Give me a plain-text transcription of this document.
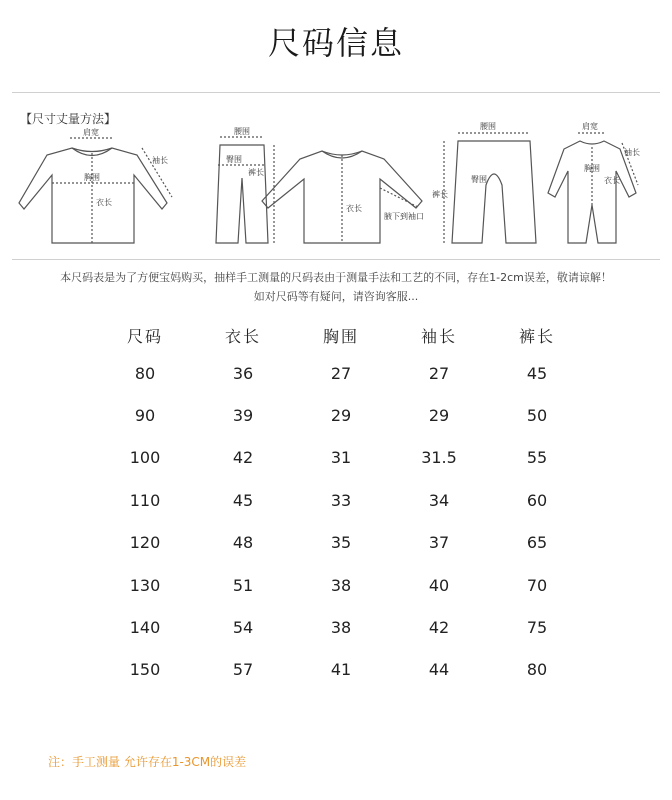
尺码信息
【尺寸丈量方法】
肩宽
胸围
衣长
袖长
腰围
臀围
裤长
衣长
腋下到袖口
腰围
臀围
裤长
肩宽
胸围
衣长
袖长
本尺码表是为了方便宝妈购买，抽样手工测量的尺码表由于测量手法和工艺的不同，存在1-2cm误差，敬请谅解！
如对尺码等有疑问，请咨询客服...
尺码	衣长	胸围	袖长	裤长
80	36	27	27	45
90	39	29	29	50
100	42	31	31.5	55
110	45	33	34	60
120	48	35	37	65
130	51	38	40	70
140	54	38	42	75
150	57	41	44	80
注：手工测量 允许存在1-3CM的误差
